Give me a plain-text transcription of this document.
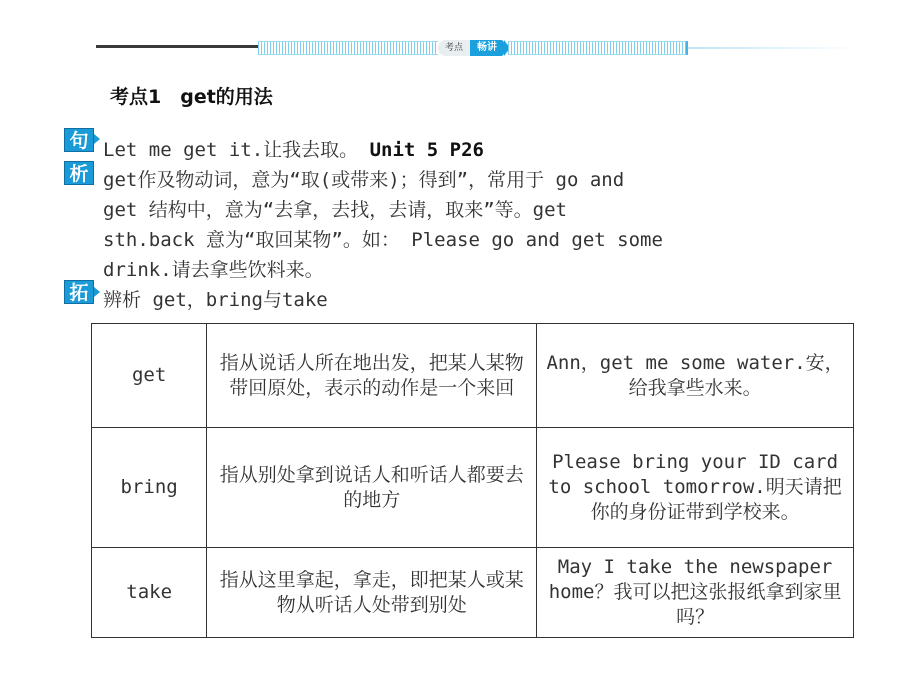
考点	畅讲
考点1　get的用法
句
析
拓
Let me get it.让我去取。 Unit 5 P26
get作及物动词，意为“取(或带来)；得到”，常用于 go and
get 结构中，意为“去拿，去找，去请，取来”等。get
sth.back 意为“取回某物”。如： Please go and get some
drink.请去拿些饮料来。
辨析 get，bring与take
get	指从说话人所在地出发，把某人某物带回原处，表示的动作是一个来回	Ann，get me some water.安，给我拿些水来。
bring	指从别处拿到说话人和听话人都要去的地方	Please bring your ID card to school tomorrow.明天请把你的身份证带到学校来。
take	指从这里拿起，拿走，即把某人或某物从听话人处带到别处	May I take the newspaper home？我可以把这张报纸拿到家里吗？
